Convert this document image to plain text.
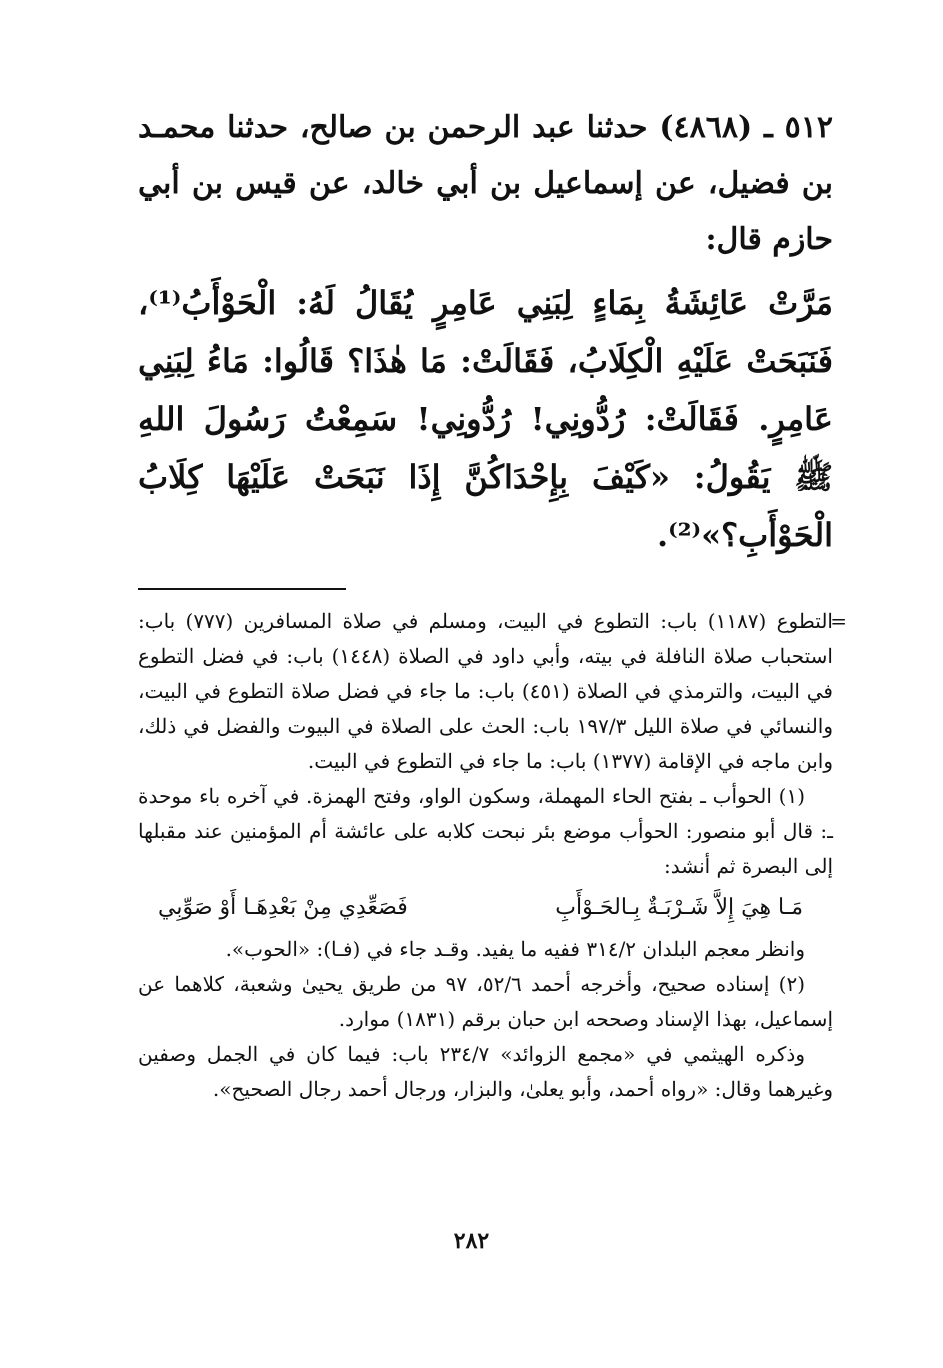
٥١٢ ـ (٤٨٦٨) حدثنا عبد الرحمن بن صالح، حدثنا محمـد بن فضيل، عن إسماعيل بن أبي خالد، عن قيس بن أبي حازم قال:

مَرَّتْ عَائِشَةُ بِمَاءٍ لِبَنِي عَامِرٍ يُقَالُ لَهُ: الْحَوْأَبُ⁽¹⁾، فَنَبَحَتْ عَلَيْهِ الْكِلَابُ، فَقَالَتْ: مَا هٰذَا؟ قَالُوا: مَاءُ لِبَنِي عَامِرٍ. فَقَالَتْ: رُدُّونِي! رُدُّونِي! سَمِعْتُ رَسُولَ اللهِ ﷺ يَقُولُ: «كَيْفَ بِإِحْدَاكُنَّ إِذَا نَبَحَتْ عَلَيْهَا كِلَابُ الْحَوْأَبِ؟»⁽²⁾.

=
التطوع (١١٨٧) باب: التطوع في البيت، ومسلم في صلاة المسافرين (٧٧٧) باب: استحباب صلاة النافلة في بيته، وأبي داود في الصلاة (١٤٤٨) باب: في فضل التطوع في البيت، والترمذي في الصلاة (٤٥١) باب: ما جاء في فضل صلاة التطوع في البيت، والنسائي في صلاة الليل ١٩٧/٣ باب: الحث على الصلاة في البيوت والفضل في ذلك، وابن ماجه في الإقامة (١٣٧٧) باب: ما جاء في التطوع في البيت.

(١) الحوأب ـ بفتح الحاء المهملة، وسكون الواو، وفتح الهمزة. في آخره باء موحدة ـ: قال أبو منصور: الحوأب موضع بئر نبحت كلابه على عائشة أم المؤمنين عند مقبلها إلى البصرة ثم أنشد:

مَـا هِيَ إِلاَّ شَـرْبَـةٌ بِـالحَـوْأَبِ
فَصَعِّدِي مِنْ بَعْدِهَـا أَوْ صَوِّبِي

وانظر معجم البلدان ٣١٤/٢ ففيه ما يفيد. وقـد جاء في (فـا): «الحوب».

(٢) إسناده صحيح، وأخرجه أحمد ٥٢/٦، ٩٧ من طريق يحيىٰ وشعبة، كلاهما عن إسماعيل، بهذا الإسناد وصححه ابن حبان برقم (١٨٣١) موارد.

وذكره الهيثمي في «مجمع الزوائد» ٢٣٤/٧ باب: فيما كان في الجمل وصفين وغيرهما وقال: «رواه أحمد، وأبو يعلىٰ، والبزار، ورجال أحمد رجال الصحيح».

٢٨٢
